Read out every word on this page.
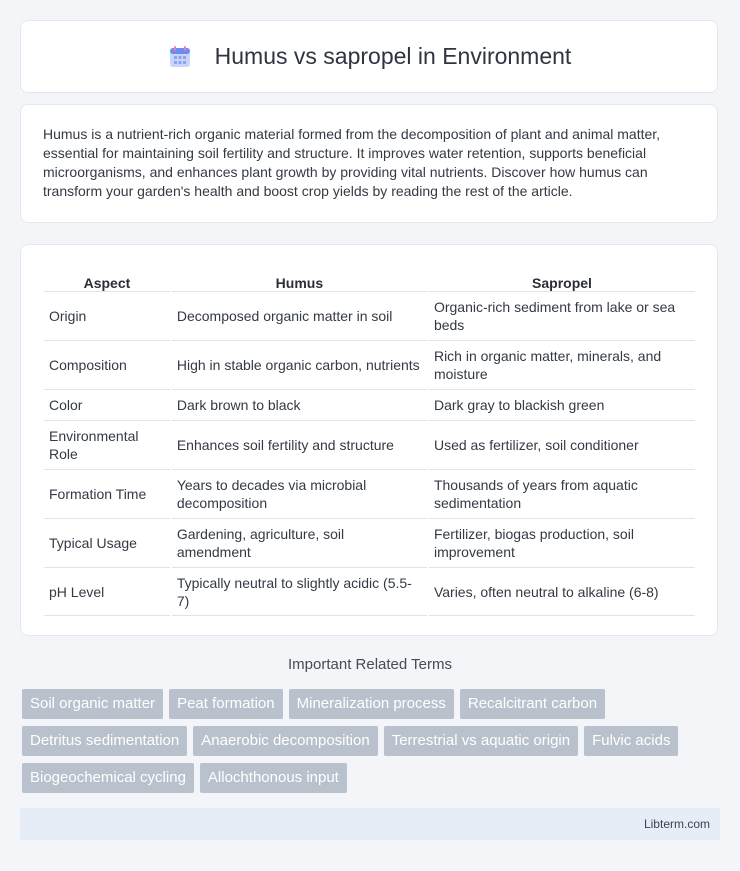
Humus vs sapropel in Environment

Humus is a nutrient-rich organic material formed from the decomposition of plant and animal matter, essential for maintaining soil fertility and structure. It improves water retention, supports beneficial microorganisms, and enhances plant growth by providing vital nutrients. Discover how humus can transform your garden's health and boost crop yields by reading the rest of the article.

Aspect	Humus	Sapropel
Origin	Decomposed organic matter in soil	Organic-rich sediment from lake or sea beds
Composition	High in stable organic carbon, nutrients	Rich in organic matter, minerals, and moisture
Color	Dark brown to black	Dark gray to blackish green
Environmental Role	Enhances soil fertility and structure	Used as fertilizer, soil conditioner
Formation Time	Years to decades via microbial decomposition	Thousands of years from aquatic sedimentation
Typical Usage	Gardening, agriculture, soil amendment	Fertilizer, biogas production, soil improvement
pH Level	Typically neutral to slightly acidic (5.5-7)	Varies, often neutral to alkaline (6-8)
Important Related Terms
Soil organic matter	Peat formation	Mineralization process	Recalcitrant carbon
Detritus sedimentation	Anaerobic decomposition	Terrestrial vs aquatic origin	Fulvic acids
Biogeochemical cycling	Allochthonous input
Libterm.com
